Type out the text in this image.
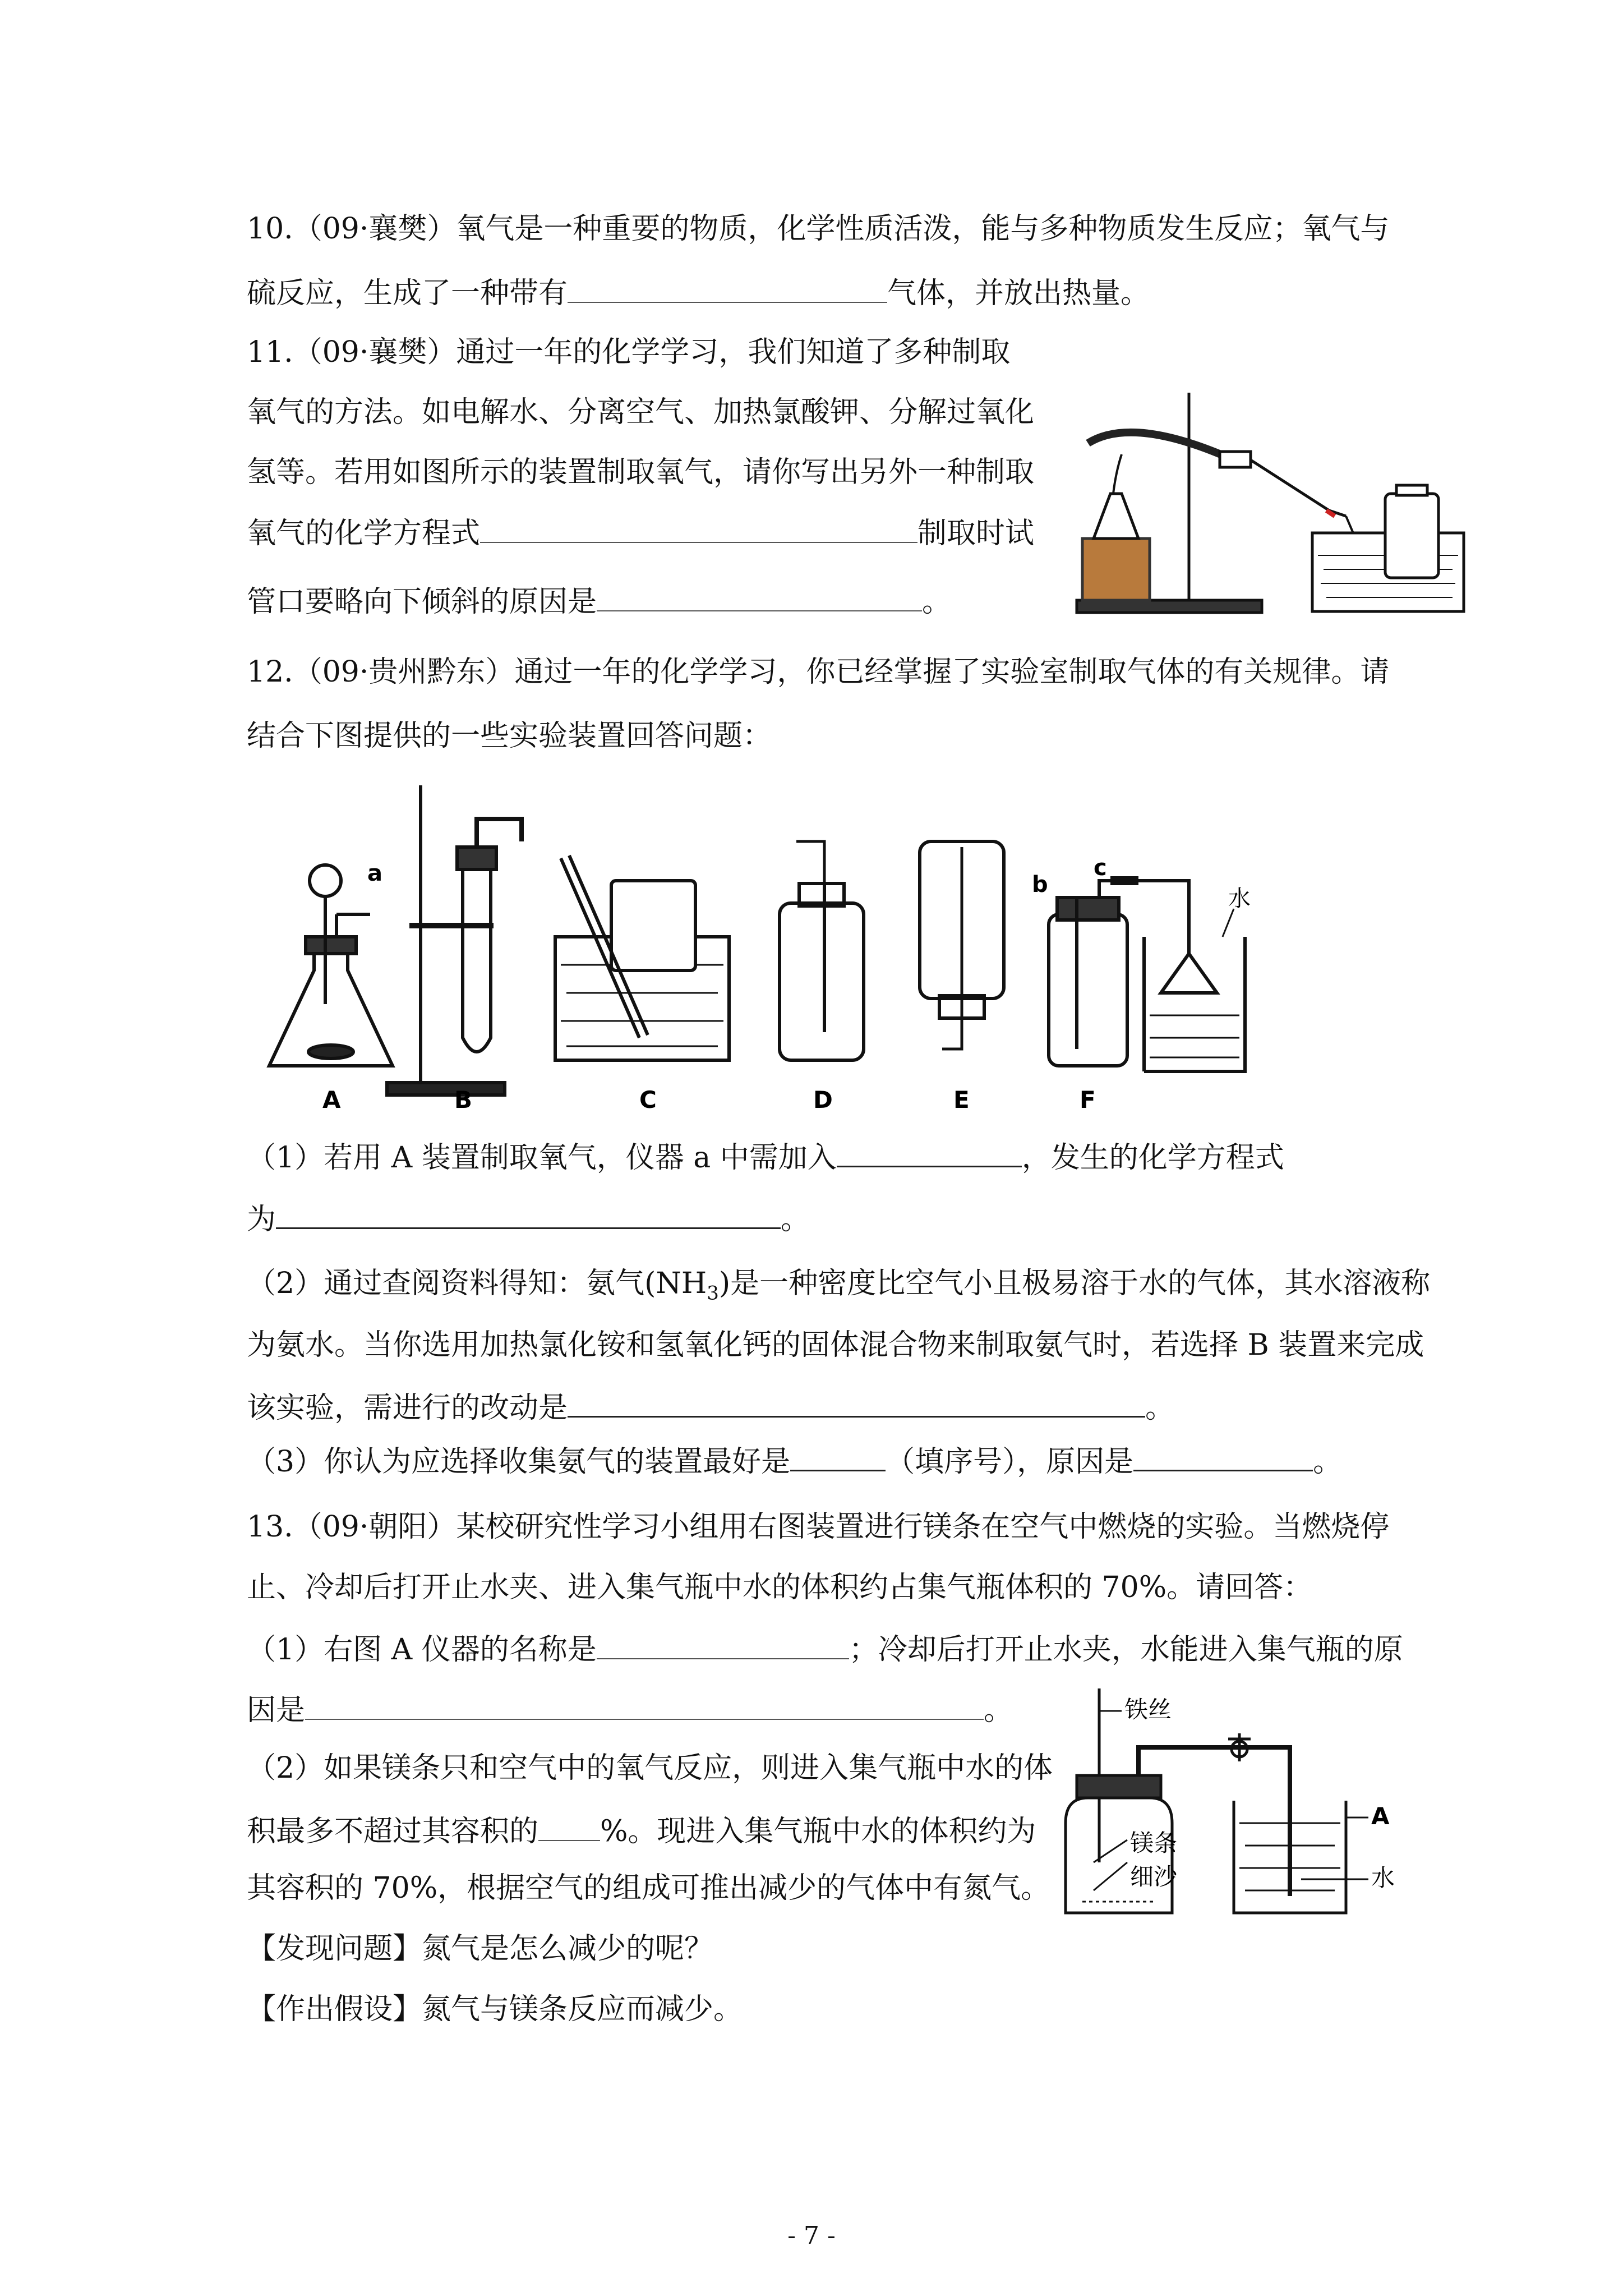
10.（09·襄樊）氧气是一种重要的物质，化学性质活泼，能与多种物质发生反应；氧气与
硫反应，生成了一种带有	气体，并放出热量。
11.（09·襄樊）通过一年的化学学习，我们知道了多种制取
氧气的方法。如电解水、分离空气、加热氯酸钾、分解过氧化
氢等。若用如图所示的装置制取氧气，请你写出另外一种制取
氧气的化学方程式	制取时试
管口要略向下倾斜的原因是	。
12.（09·贵州黔东）通过一年的化学学习，你已经掌握了实验室制取气体的有关规律。请
结合下图提供的一些实验装置回答问题：
a	b
c
水
A	B	C	D	E	F
（1）若用 A 装置制取氧气，仪器 a 中需加入	，发生的化学方程式
为	。
（2）通过查阅资料得知：氨气$(NH_3)$是一种密度比空气小且极易溶于水的气体，其水溶液称
为氨水。当你选用加热氯化铵和氢氧化钙的固体混合物来制取氨气时，若选择 B 装置来完成
该实验，需进行的改动是	。
（3）你认为应选择收集氨气的装置最好是	（填序号），原因是	。
13.（09·朝阳）某校研究性学习小组用右图装置进行镁条在空气中燃烧的实验。当燃烧停
止、冷却后打开止水夹、进入集气瓶中水的体积约占集气瓶体积的 70%。请回答：
（1）右图 A 仪器的名称是	；冷却后打开止水夹，水能进入集气瓶的原
因是	。
（2）如果镁条只和空气中的氧气反应，则进入集气瓶中水的体
积最多不超过其容积的 %。现进入集气瓶中水的体积约为
其容积的 70%，根据空气的组成可推出减少的气体中有氮气。
【发现问题】氮气是怎么减少的呢？
【作出假设】氮气与镁条反应而减少。
铁丝
镁条
细沙
A
水
- 7 -
